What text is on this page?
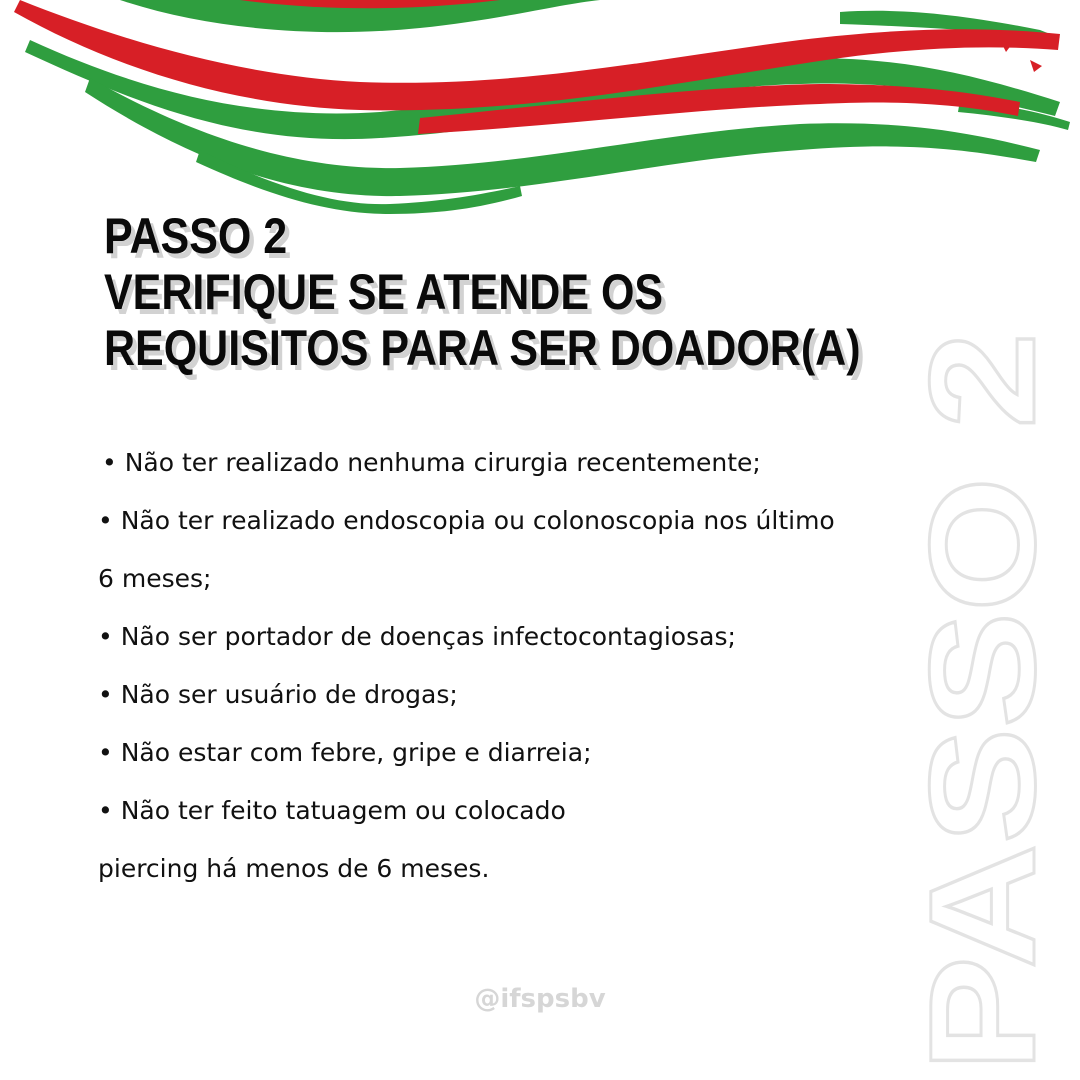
PASSO 2
VERIFIQUE SE ATENDE OS
REQUISITOS PARA SER DOADOR(A)
• Não ter realizado nenhuma cirurgia recentemente;
• Não ter realizado endoscopia ou colonoscopia nos último
6 meses;
• Não ser portador de doenças infectocontagiosas;
• Não ser usuário de drogas;
• Não estar com febre, gripe e diarreia;
• Não ter feito tatuagem ou colocado
piercing há menos de 6 meses.	PASSO 2

@ifspsbv
